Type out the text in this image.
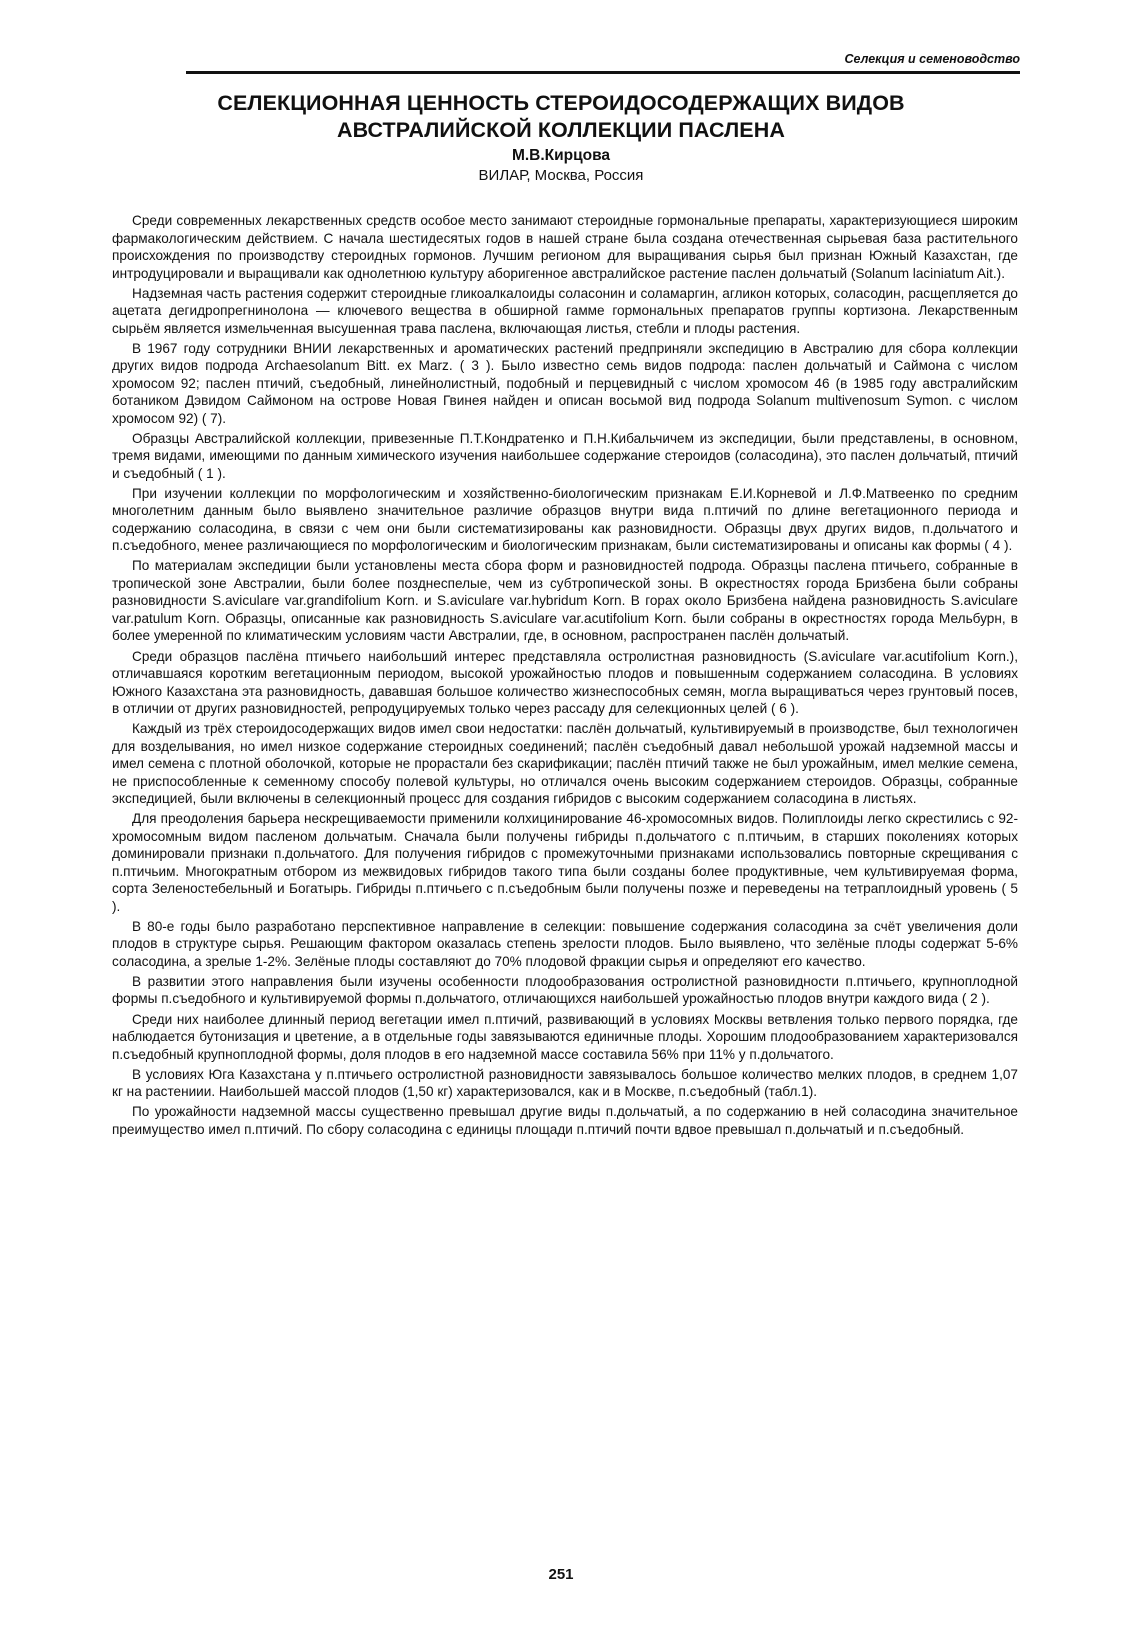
Селекция и семеноводство
СЕЛЕКЦИОННАЯ ЦЕННОСТЬ СТЕРОИДОСОДЕРЖАЩИХ ВИДОВ
АВСТРАЛИЙСКОЙ КОЛЛЕКЦИИ ПАСЛЕНА
М.В.Кирцова
ВИЛАР, Москва, Россия

Среди современных лекарственных средств особое место занимают стероидные гормональные препараты, характеризующиеся широким фармакологическим действием. С начала шестидесятых годов в нашей стране была создана отечественная сырьевая база растительного происхождения по производству стероидных гормонов. Лучшим регионом для выращивания сырья был признан Южный Казахстан, где интродуцировали и выращивали как однолетнюю культуру аборигенное австралийское растение паслен дольчатый (Solanum laciniatum Ait.).

Надземная часть растения содержит стероидные гликоалкалоиды соласонин и соламаргин, агликон которых, соласодин, расщепляется до ацетата дегидропрегнинолона — ключевого вещества в обширной гамме гормональных препаратов группы кортизона. Лекарственным сырьём является измельченная высушенная трава паслена, включающая листья, стебли и плоды растения.

В 1967 году сотрудники ВНИИ лекарственных и ароматических растений предприняли экспедицию в Австралию для сбора коллекции других видов подрода Archaesolanum Bitt. ex Marz. ( 3 ). Было известно семь видов подрода: паслен дольчатый и Саймона с числом хромосом 92; паслен птичий, съедобный, линейнолистный, подобный и перцевидный с числом хромосом 46 (в 1985 году австралийским ботаником Дэвидом Саймоном на острове Новая Гвинея найден и описан восьмой вид подрода Solanum multivenosum Symon. с числом хромосом 92) ( 7).

Образцы Австралийской коллекции, привезенные П.Т.Кондратенко и П.Н.Кибальчичем из экспедиции, были представлены, в основном, тремя видами, имеющими по данным химического изучения наибольшее содержание стероидов (соласодина), это паслен дольчатый, птичий и съедобный ( 1 ).

При изучении коллекции по морфологическим и хозяйственно-биологическим признакам Е.И.Корневой и Л.Ф.Матвеенко по средним многолетним данным было выявлено значительное различие образцов внутри вида п.птичий по длине вегетационного периода и содержанию соласодина, в связи с чем они были систематизированы как разновидности. Образцы двух других видов, п.дольчатого и п.съедобного, менее различающиеся по морфологическим и биологическим признакам, были систематизированы и описаны как формы ( 4 ).

По материалам экспедиции были установлены места сбора форм и разновидностей подрода. Образцы паслена птичьего, собранные в тропической зоне Австралии, были более позднеспелые, чем из субтропической зоны. В окрестностях города Бризбена были собраны разновидности S.aviculare var.grandifolium Korn. и S.aviculare var.hybridum Korn. В горах около Бризбена найдена разновидность S.aviculare var.patulum Korn. Образцы, описанные как разновидность S.aviculare var.acutifolium Korn. были собраны в окрестностях города Мельбурн, в более умеренной по климатическим условиям части Австралии, где, в основном, распространен паслён дольчатый.

Среди образцов паслёна птичьего наибольший интерес представляла остролистная разновидность (S.aviculare var.acutifolium Korn.), отличавшаяся коротким вегетационным периодом, высокой урожайностью плодов и повышенным содержанием соласодина. В условиях Южного Казахстана эта разновидность, дававшая большое количество жизнеспособных семян, могла выращиваться через грунтовый посев, в отличии от других разновидностей, репродуцируемых только через рассаду для селекционных целей ( 6 ).

Каждый из трёх стероидосодержащих видов имел свои недостатки: паслён дольчатый, культивируемый в производстве, был технологичен для возделывания, но имел низкое содержание стероидных соединений; паслён съедобный давал небольшой урожай надземной массы и имел семена с плотной оболочкой, которые не прорастали без скарификации; паслён птичий также не был урожайным, имел мелкие семена, не приспособленные к семенному способу полевой культуры, но отличался очень высоким содержанием стероидов. Образцы, собранные экспедицией, были включены в селекционный процесс для создания гибридов с высоким содержанием соласодина в листьях.

Для преодоления барьера нескрещиваемости применили колхицинирование 46-хромосомных видов. Полиплоиды легко скрестились с 92-хромосомным видом пасленом дольчатым. Сначала были получены гибриды п.дольчатого с п.птичьим, в старших поколениях которых доминировали признаки п.дольчатого. Для получения гибридов с промежуточными признаками использовались повторные скрещивания с п.птичьим. Многократным отбором из межвидовых гибридов такого типа были созданы более продуктивные, чем культивируемая форма, сорта Зеленостебельный и Богатырь. Гибриды п.птичьего с п.съедобным были получены позже и переведены на тетраплоидный уровень ( 5 ).

В 80-е годы было разработано перспективное направление в селекции: повышение содержания соласодина за счёт увеличения доли плодов в структуре сырья. Решающим фактором оказалась степень зрелости плодов. Было выявлено, что зелёные плоды содержат 5-6% соласодина, а зрелые 1-2%. Зелёные плоды составляют до 70% плодовой фракции сырья и определяют его качество.

В развитии этого направления были изучены особенности плодообразования остролистной разновидности п.птичьего, крупноплодной формы п.съедобного и культивируемой формы п.дольчатого, отличающихся наибольшей урожайностью плодов внутри каждого вида ( 2 ).

Среди них наиболее длинный период вегетации имел п.птичий, развивающий в условиях Москвы ветвления только первого порядка, где наблюдается бутонизация и цветение, а в отдельные годы завязываются единичные плоды. Хорошим плодообразованием характеризовался п.съедобный крупноплодной формы, доля плодов в его надземной массе составила 56% при 11% у п.дольчатого.

В условиях Юга Казахстана у п.птичьего остролистной разновидности завязывалось большое количество мелких плодов, в среднем 1,07 кг на растениии. Наибольшей массой плодов (1,50 кг) характеризовался, как и в Москве, п.съедобный (табл.1).

По урожайности надземной массы существенно превышал другие виды п.дольчатый, а по содержанию в ней соласодина значительное преимущество имел п.птичий. По сбору соласодина с единицы площади п.птичий почти вдвое превышал п.дольчатый и п.съедобный.

251
